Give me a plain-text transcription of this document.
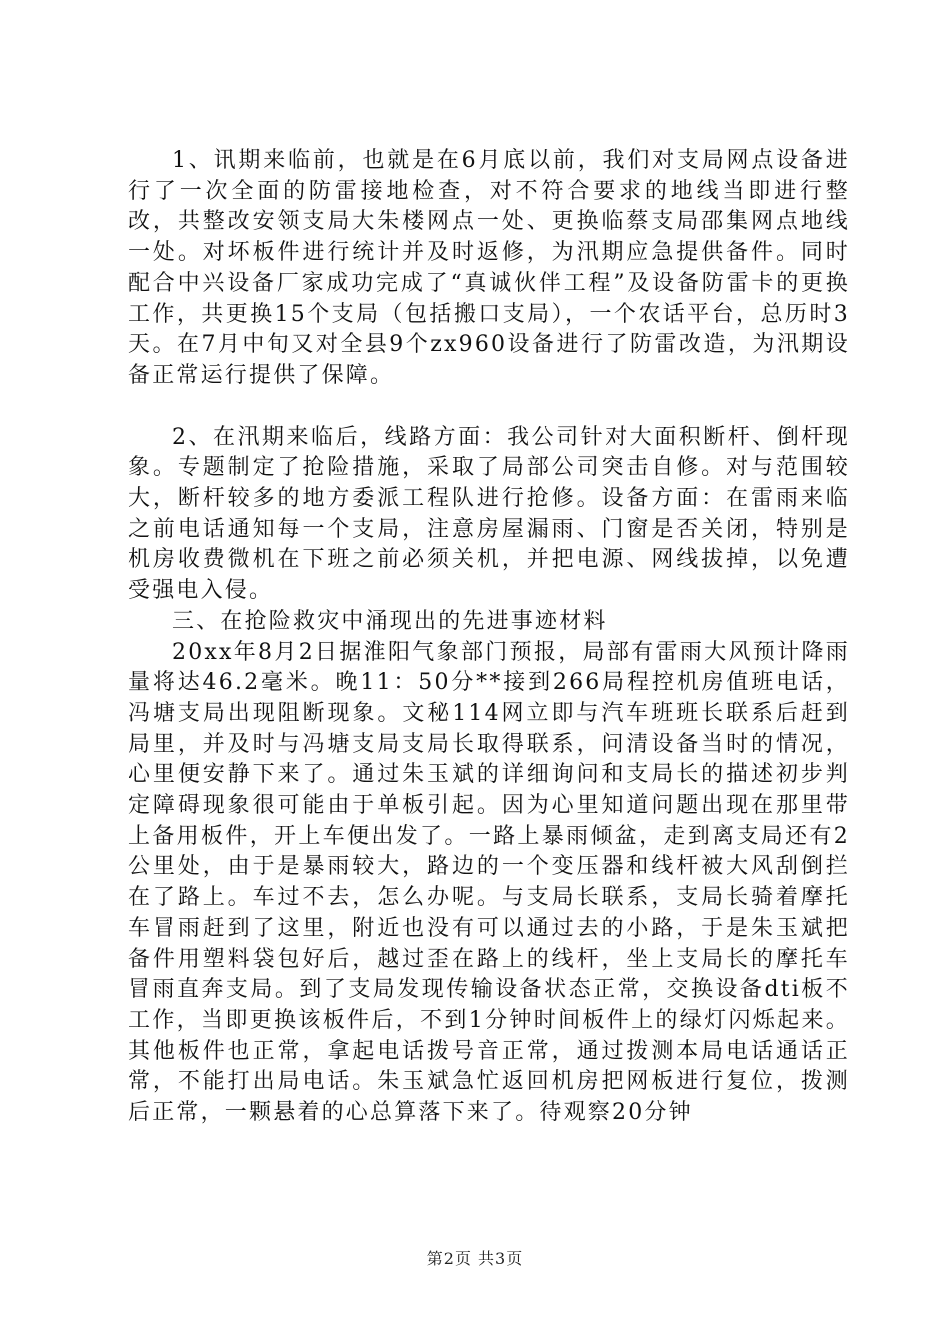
1、讯期来临前，也就是在6月底以前，我们对支局网点设备进行了一次全面的防雷接地检查，对不符合要求的地线当即进行整改，共整改安领支局大朱楼网点一处、更换临蔡支局邵集网点地线一处。对坏板件进行统计并及时返修，为汛期应急提供备件。同时配合中兴设备厂家成功完成了“真诚伙伴工程”及设备防雷卡的更换工作，共更换15个支局（包括搬口支局），一个农话平台，总历时3天。在7月中旬又对全县9个zx960设备进行了防雷改造，为汛期设备正常运行提供了保障。

2、在汛期来临后，线路方面：我公司针对大面积断杆、倒杆现象。专题制定了抢险措施，采取了局部公司突击自修。对与范围较大，断杆较多的地方委派工程队进行抢修。设备方面：在雷雨来临之前电话通知每一个支局，注意房屋漏雨、门窗是否关闭，特别是机房收费微机在下班之前必须关机，并把电源、网线拔掉，以免遭受强电入侵。

三、在抢险救灾中涌现出的先进事迹材料

20xx年8月2日据淮阳气象部门预报，局部有雷雨大风预计降雨量将达46.2毫米。晚11：50分**接到266局程控机房值班电话，冯塘支局出现阻断现象。文秘114网立即与汽车班班长联系后赶到局里，并及时与冯塘支局支局长取得联系，问清设备当时的情况，心里便安静下来了。通过朱玉斌的详细询问和支局长的描述初步判定障碍现象很可能由于单板引起。因为心里知道问题出现在那里带上备用板件，开上车便出发了。一路上暴雨倾盆，走到离支局还有2公里处，由于是暴雨较大，路边的一个变压器和线杆被大风刮倒拦在了路上。车过不去，怎么办呢。与支局长联系，支局长骑着摩托车冒雨赶到了这里，附近也没有可以通过去的小路，于是朱玉斌把备件用塑料袋包好后，越过歪在路上的线杆，坐上支局长的摩托车冒雨直奔支局。到了支局发现传输设备状态正常，交换设备dti板不工作，当即更换该板件后，不到1分钟时间板件上的绿灯闪烁起来。其他板件也正常，拿起电话拨号音正常，通过拨测本局电话通话正常，不能打出局电话。朱玉斌急忙返回机房把网板进行复位，拨测后正常，一颗悬着的心总算落下来了。待观察20分钟

第2页 共3页
